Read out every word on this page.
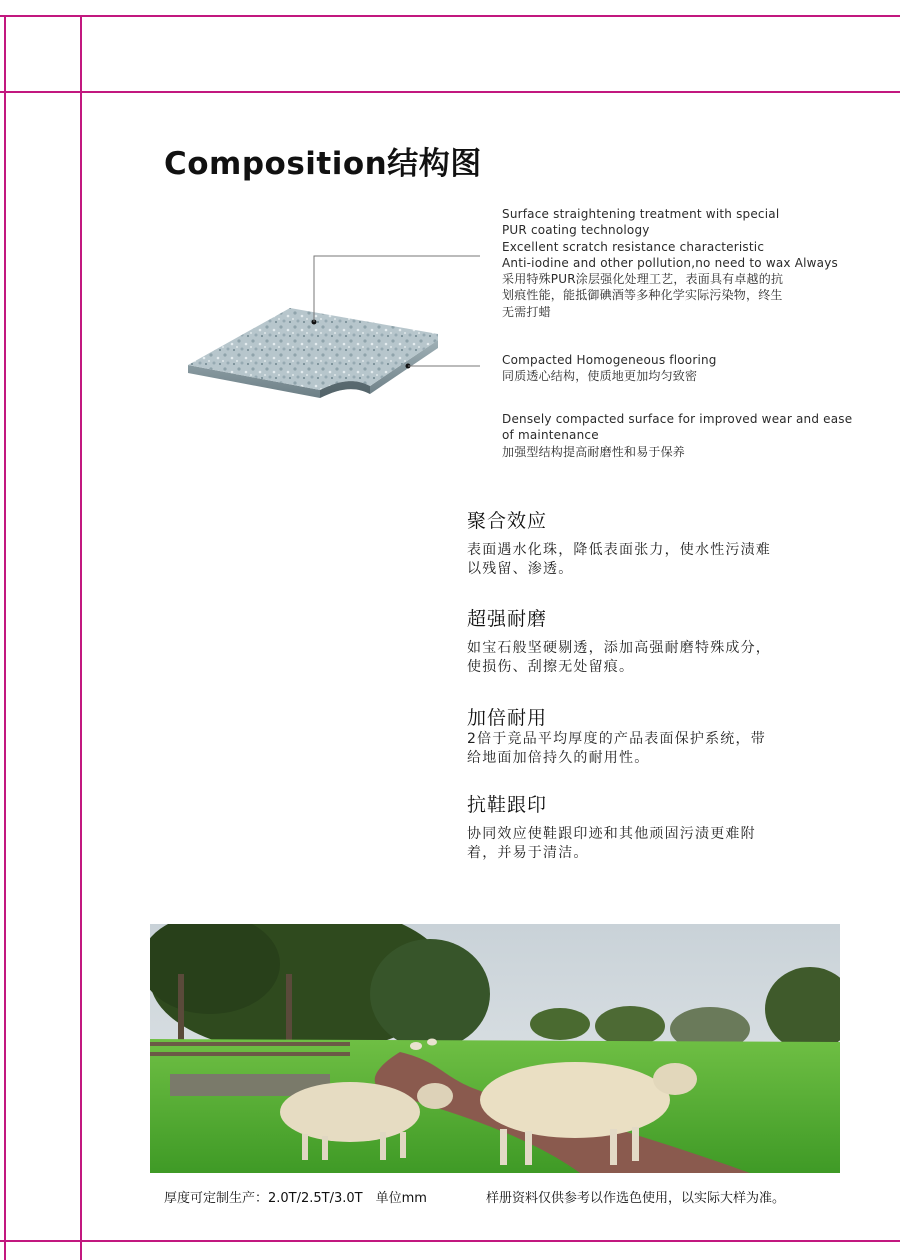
Composition结构图
Surface straightening treatment with special
PUR coating technology
Excellent scratch resistance characteristic
Anti-iodine and other pollution,no need to wax Always
采用特殊PUR涂层强化处理工艺，表面具有卓越的抗
划痕性能，能抵御碘酒等多种化学实际污染物，终生
无需打蜡
Compacted Homogeneous flooring
同质透心结构，使质地更加均匀致密
Densely compacted surface for improved wear and ease
of maintenance
加强型结构提高耐磨性和易于保养
聚合效应

表面遇水化珠，降低表面张力，使水性污渍难

以残留、渗透。

超强耐磨

如宝石般坚硬剔透，添加高强耐磨特殊成分，

使损伤、刮擦无处留痕。

加倍耐用

2倍于竞品平均厚度的产品表面保护系统，带

给地面加倍持久的耐用性。

抗鞋跟印

协同效应使鞋跟印迹和其他顽固污渍更难附

着，并易于清洁。

厚度可定制生产：2.0T/2.5T/3.0T　单位mm	样册资料仅供参考以作选色使用，以实际大样为准。
